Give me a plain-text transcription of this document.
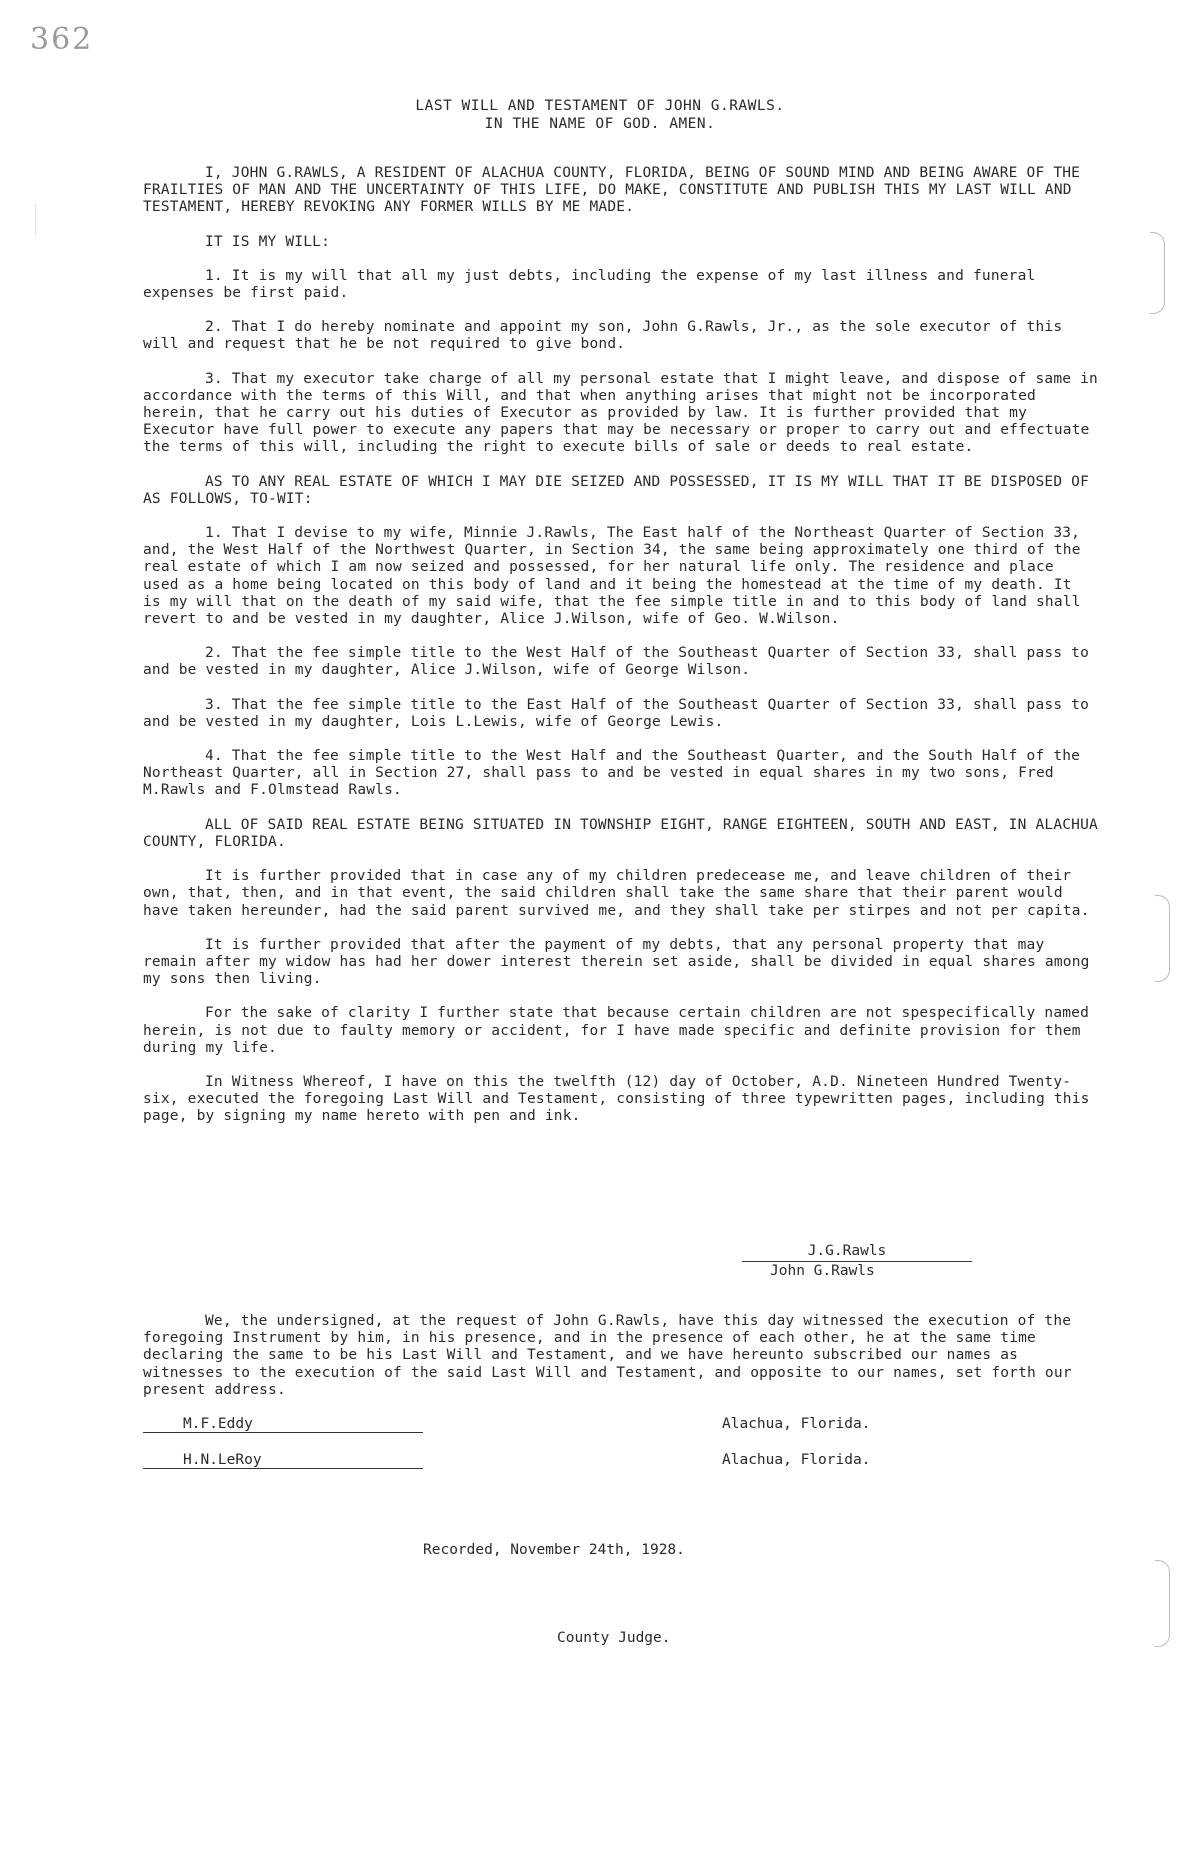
362
LAST WILL AND TESTAMENT OF JOHN G.RAWLS.
IN THE NAME OF GOD. AMEN.

I, JOHN G.RAWLS, A RESIDENT OF ALACHUA COUNTY, FLORIDA, BEING OF SOUND MIND AND BEING AWARE OF THE FRAILTIES OF MAN AND THE UNCERTAINTY OF THIS LIFE, DO MAKE, CONSTITUTE AND PUBLISH THIS MY LAST WILL AND TESTAMENT, HEREBY REVOKING ANY FORMER WILLS BY ME MADE.

IT IS MY WILL:

1. It is my will that all my just debts, including the expense of my last illness and funeral expenses be first paid.

2. That I do hereby nominate and appoint my son, John G.Rawls, Jr., as the sole executor of this will and request that he be not required to give bond.

3. That my executor take charge of all my personal estate that I might leave, and dispose of same in accordance with the terms of this Will, and that when anything arises that might not be incorporated herein, that he carry out his duties of Executor as provided by law. It is further provided that my Executor have full power to execute any papers that may be necessary or proper to carry out and effectuate the terms of this will, including the right to execute bills of sale or deeds to real estate.

AS TO ANY REAL ESTATE OF WHICH I MAY DIE SEIZED AND POSSESSED, IT IS MY WILL THAT IT BE DISPOSED OF AS FOLLOWS, TO-WIT:

1. That I devise to my wife, Minnie J.Rawls, The East half of the Northeast Quarter of Section 33, and, the West Half of the Northwest Quarter, in Section 34, the same being approximately one third of the real estate of which I am now seized and possessed, for her natural life only. The residence and place used as a home being located on this body of land and it being the homestead at the time of my death. It is my will that on the death of my said wife, that the fee simple title in and to this body of land shall revert to and be vested in my daughter, Alice J.Wilson, wife of Geo. W.Wilson.

2. That the fee simple title to the West Half of the Southeast Quarter of Section 33, shall pass to and be vested in my daughter, Alice J.Wilson, wife of George Wilson.

3. That the fee simple title to the East Half of the Southeast Quarter of Section 33, shall pass to and be vested in my daughter, Lois L.Lewis, wife of George Lewis.

4. That the fee simple title to the West Half and the Southeast Quarter, and the South Half of the Northeast Quarter, all in Section 27, shall pass to and be vested in equal shares in my two sons, Fred M.Rawls and F.Olmstead Rawls.

ALL OF SAID REAL ESTATE BEING SITUATED IN TOWNSHIP EIGHT, RANGE EIGHTEEN, SOUTH AND EAST, IN ALACHUA COUNTY, FLORIDA.

It is further provided that in case any of my children predecease me, and leave children of their own, that, then, and in that event, the said children shall take the same share that their parent would have taken hereunder, had the said parent survived me, and they shall take per stirpes and not per capita.

It is further provided that after the payment of my debts, that any personal property that may remain after my widow has had her dower interest therein set aside, shall be divided in equal shares among my sons then living.

For the sake of clarity I further state that because certain children are not spespecifically named herein, is not due to faulty memory or accident, for I have made specific and definite provision for them during my life.

In Witness Whereof, I have on this the twelfth (12) day of October, A.D. Nineteen Hundred Twenty-six, executed the foregoing Last Will and Testament, consisting of three typewritten pages, including this page, by signing my name hereto with pen and ink.

J.G.Rawls
John G.Rawls
We, the undersigned, at the request of John G.Rawls, have this day witnessed the execution of the foregoing Instrument by him, in his presence, and in the presence of each other, he at the same time declaring the same to be his Last Will and Testament, and we have hereunto subscribed our names as witnesses to the execution of the said Last Will and Testament, and opposite to our names, set forth our present address.
M.F.Eddy	Alachua, Florida.
H.N.LeRoy	Alachua, Florida.
Recorded, November 24th, 1928.
County Judge.
